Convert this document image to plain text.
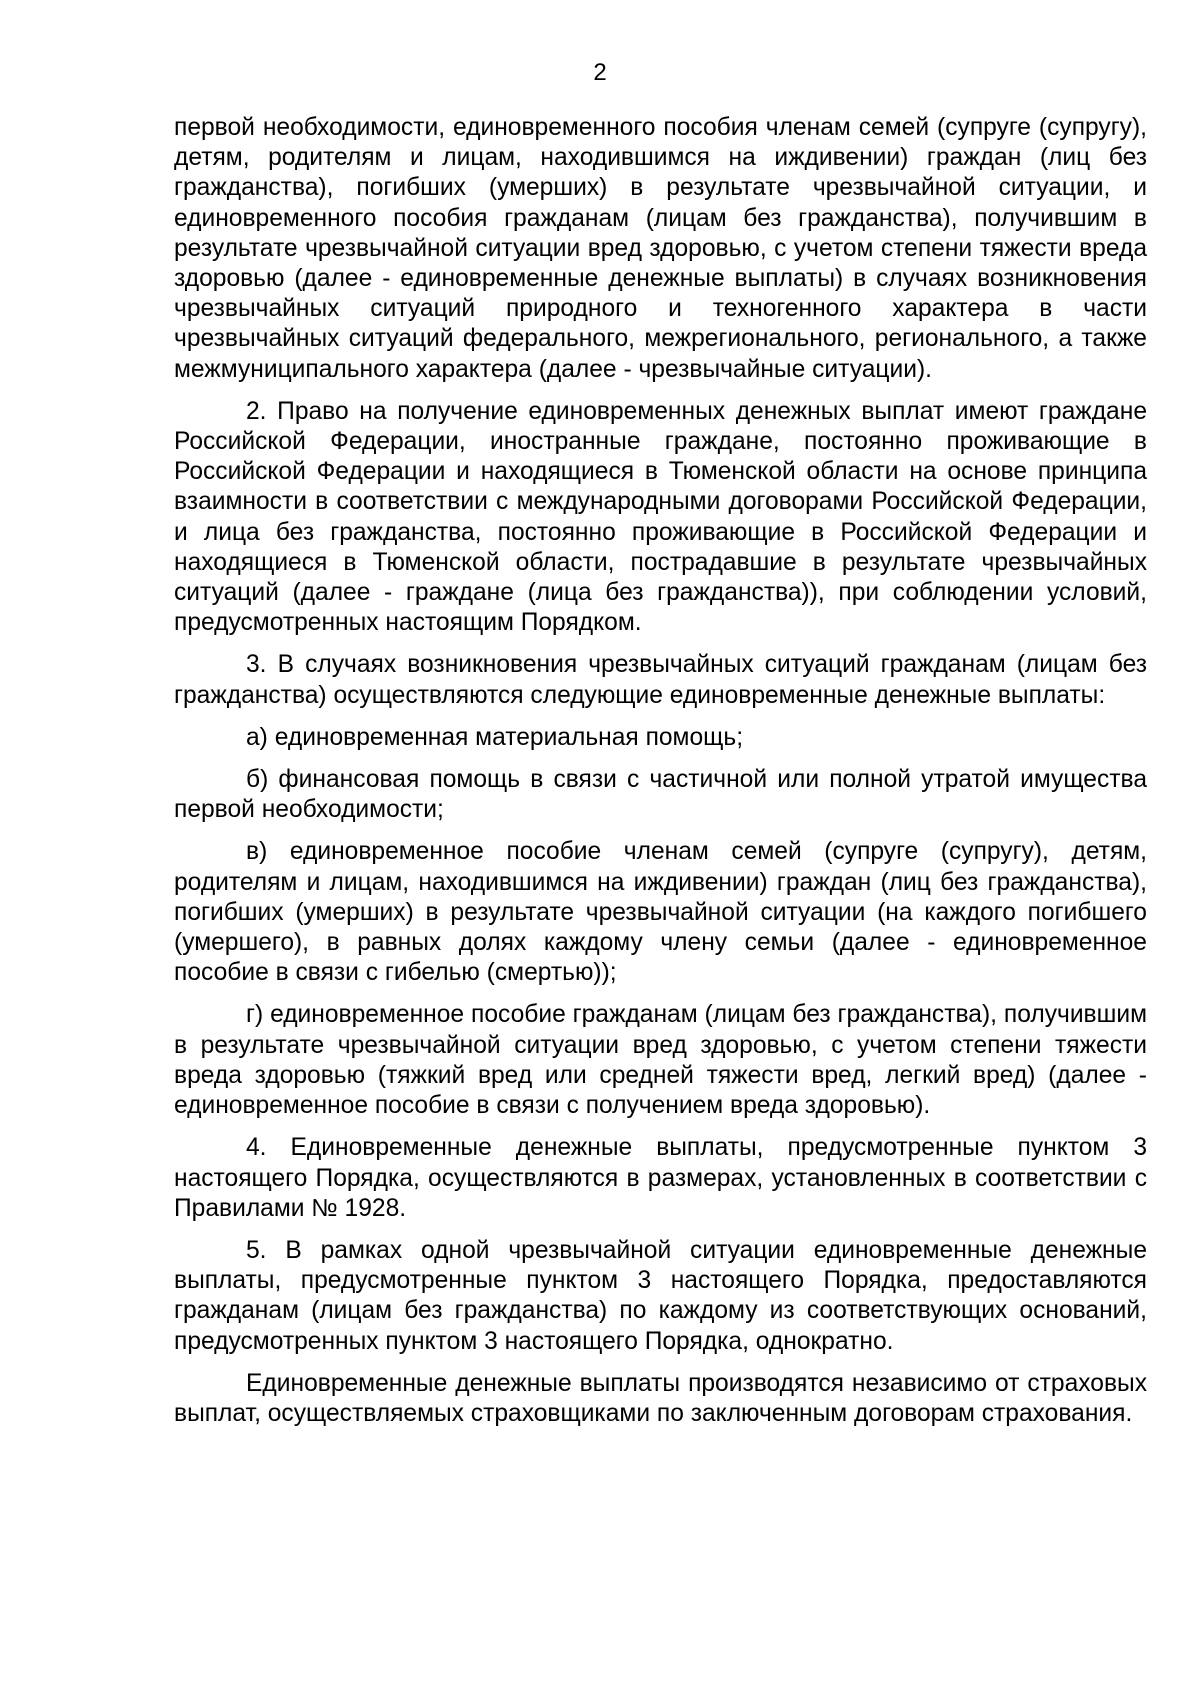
2

первой необходимости, единовременного пособия членам семей (супруге (супругу), детям, родителям и лицам, находившимся на иждивении) граждан (лиц без гражданства), погибших (умерших) в результате чрезвычайной ситуации, и единовременного пособия гражданам (лицам без гражданства), получившим в результате чрезвычайной ситуации вред здоровью, с учетом степени тяжести вреда здоровью (далее - единовременные денежные выплаты) в случаях возникновения чрезвычайных ситуаций природного и техногенного характера в части чрезвычайных ситуаций федерального, межрегионального, регионального, а также межмуниципального характера (далее - чрезвычайные ситуации).

2. Право на получение единовременных денежных выплат имеют граждане Российской Федерации, иностранные граждане, постоянно проживающие в Российской Федерации и находящиеся в Тюменской области на основе принципа взаимности в соответствии с международными договорами Российской Федерации, и лица без гражданства, постоянно проживающие в Российской Федерации и находящиеся в Тюменской области, пострадавшие в результате чрезвычайных ситуаций (далее - граждане (лица без гражданства)), при соблюдении условий, предусмотренных настоящим Порядком.

3. В случаях возникновения чрезвычайных ситуаций гражданам (лицам без гражданства) осуществляются следующие единовременные денежные выплаты:

а) единовременная материальная помощь;

б) финансовая помощь в связи с частичной или полной утратой имущества первой необходимости;

в) единовременное пособие членам семей (супруге (супругу), детям, родителям и лицам, находившимся на иждивении) граждан (лиц без гражданства), погибших (умерших) в результате чрезвычайной ситуации (на каждого погибшего (умершего), в равных долях каждому члену семьи (далее - единовременное пособие в связи с гибелью (смертью));

г) единовременное пособие гражданам (лицам без гражданства), получившим в результате чрезвычайной ситуации вред здоровью, с учетом степени тяжести вреда здоровью (тяжкий вред или средней тяжести вред, легкий вред) (далее - единовременное пособие в связи с получением вреда здоровью).

4. Единовременные денежные выплаты, предусмотренные пунктом 3 настоящего Порядка, осуществляются в размерах, установленных в соответствии с Правилами № 1928.

5. В рамках одной чрезвычайной ситуации единовременные денежные выплаты, предусмотренные пунктом 3 настоящего Порядка, предоставляются гражданам (лицам без гражданства) по каждому из соответствующих оснований, предусмотренных пунктом 3 настоящего Порядка, однократно.

Единовременные денежные выплаты производятся независимо от страховых выплат, осуществляемых страховщиками по заключенным договорам страхования.
